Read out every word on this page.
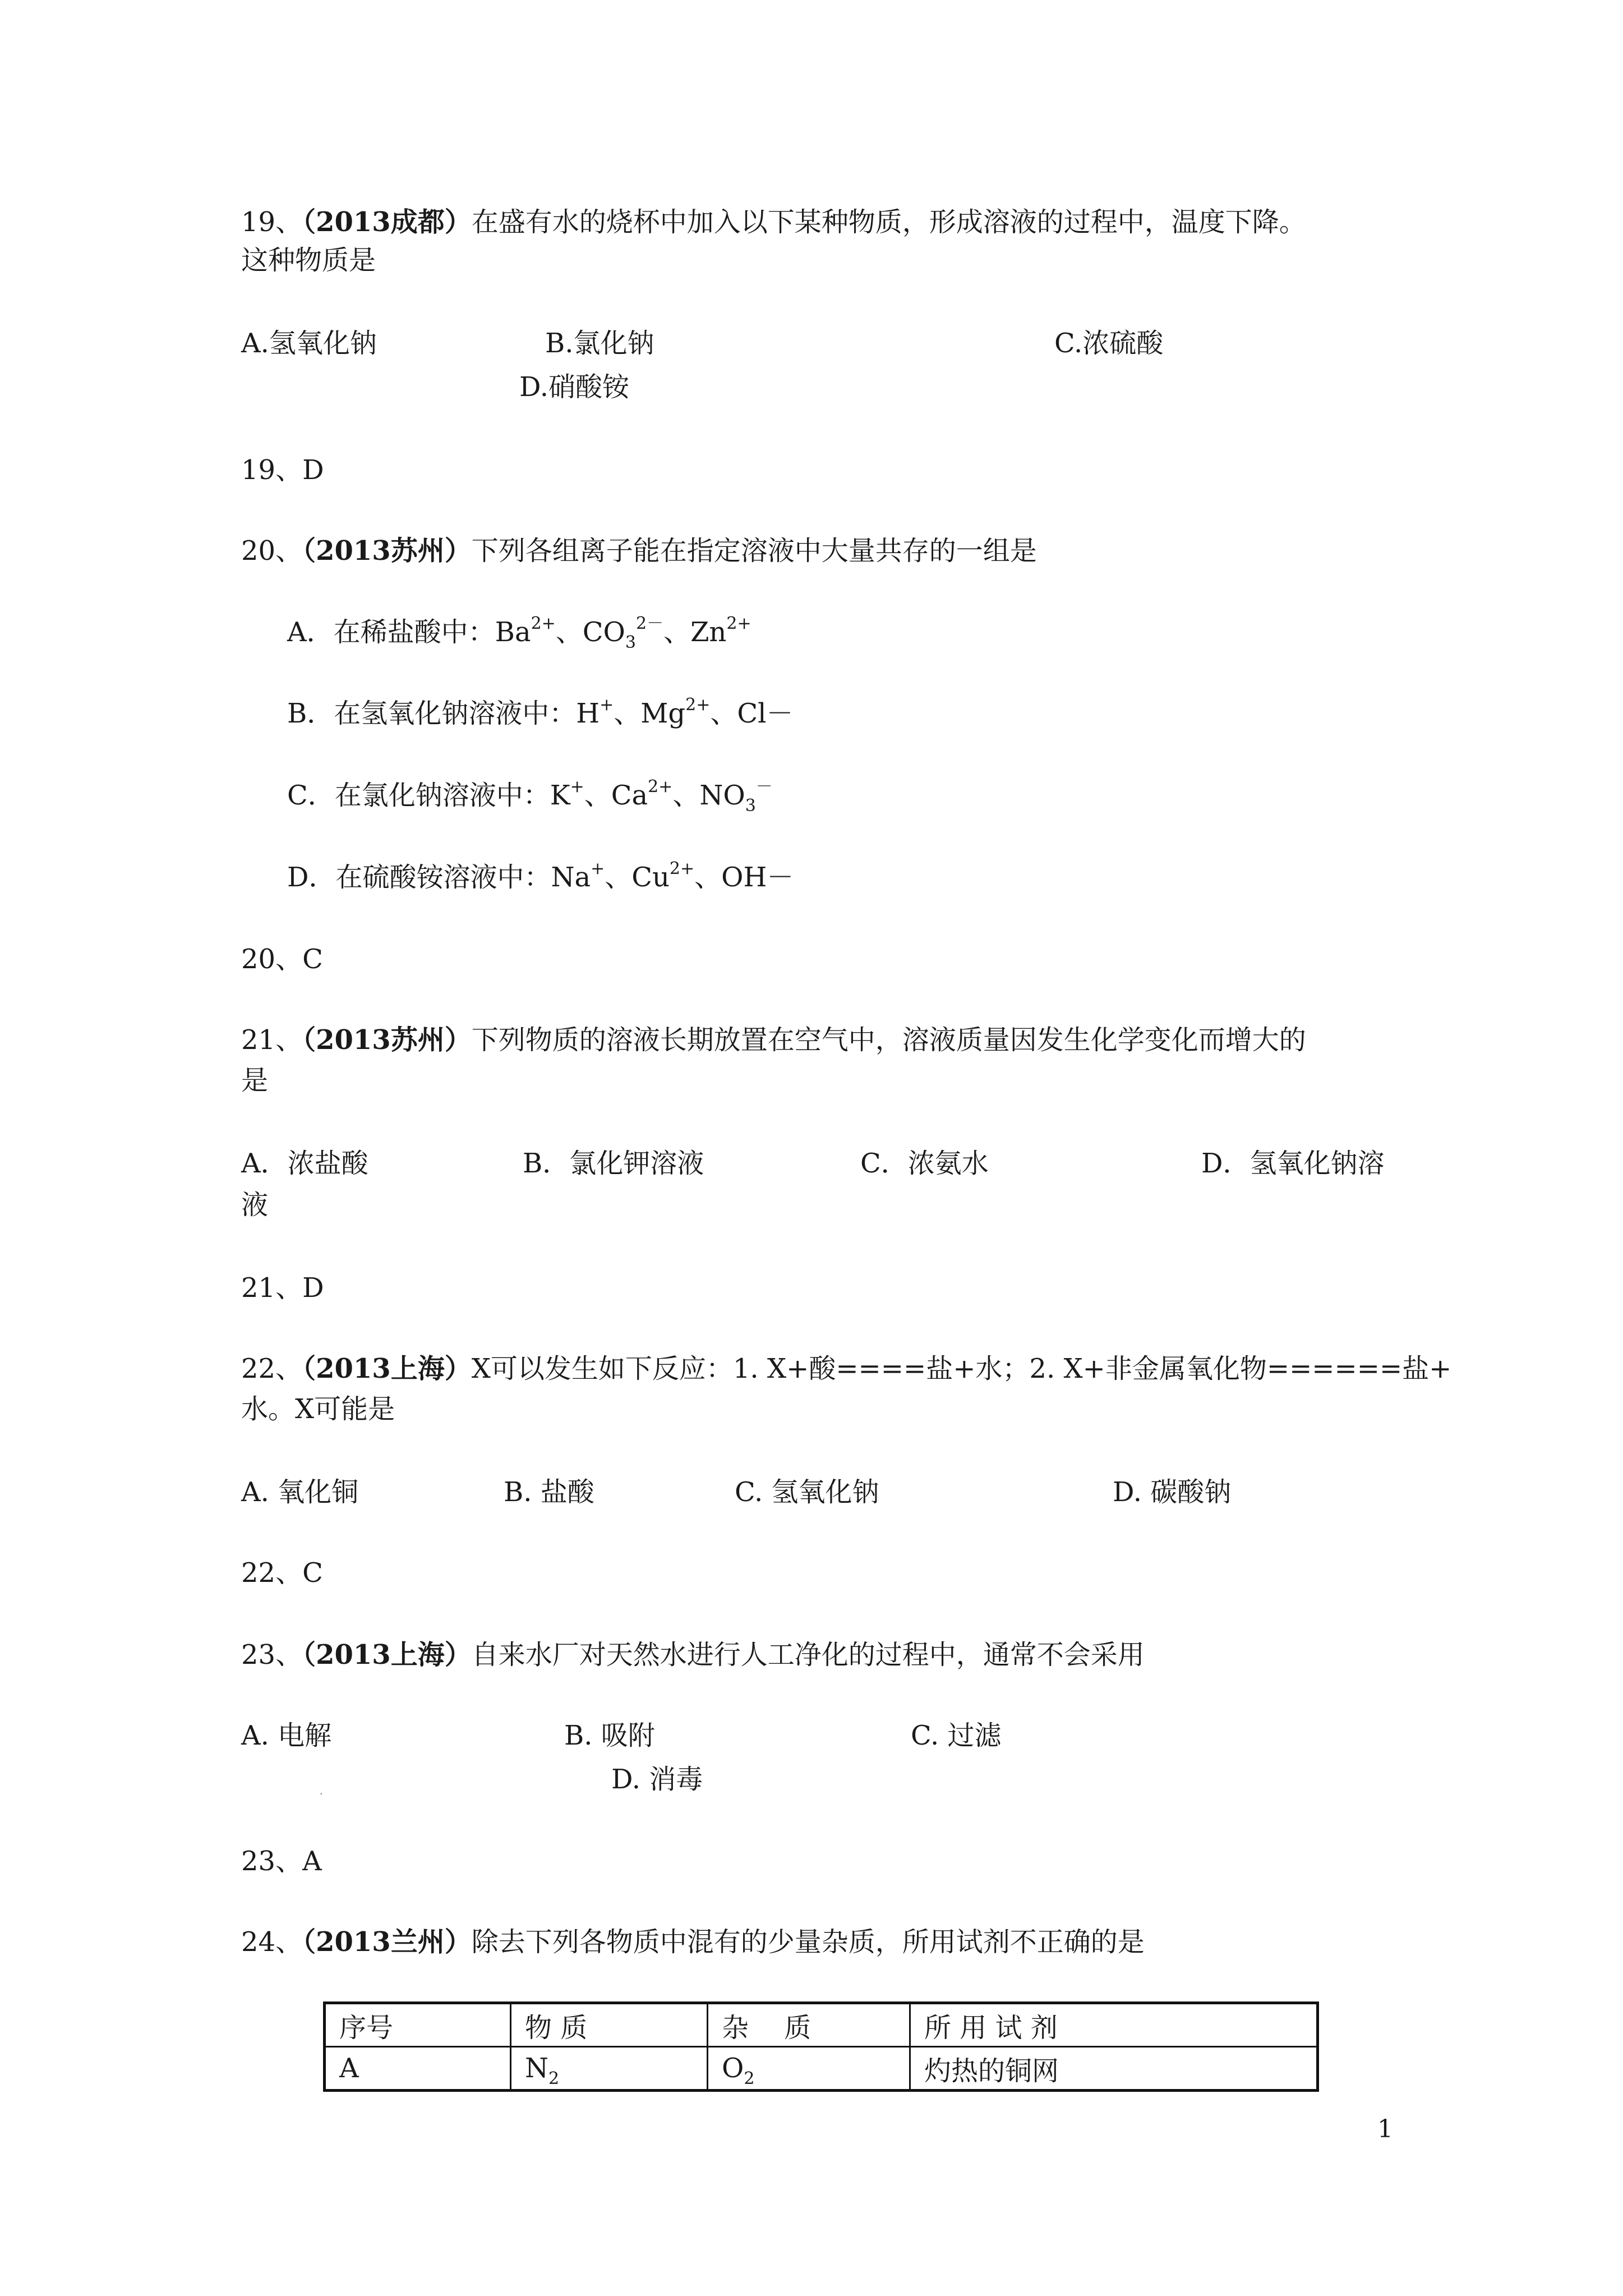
19、（2013成都）在盛有水的烧杯中加入以下某种物质，形成溶液的过程中，温度下降。
这种物质是
A.氢氧化钠	B.氯化钠	C.浓硫酸
D.硝酸铵
19、D
20、（2013苏州）下列各组离子能在指定溶液中大量共存的一组是
A．在稀盐酸中：$Ba^{2+}$、$CO_3^{2-}$、$Zn^{2+}$
B．在氢氧化钠溶液中：H+、$Mg^{2+}$、Cl－
C．在氯化钠溶液中：K+、$Ca^{2+}$、$NO_3^-$
D．在硫酸铵溶液中：Na+、$Cu^{2+}$、OH－
20、C
21、（2013苏州）下列物质的溶液长期放置在空气中，溶液质量因发生化学变化而增大的
是
A．浓盐酸	B．氯化钾溶液	C．浓氨水	D．氢氧化钠溶
液
21、D
22、（2013上海）X可以发生如下反应：1. X+酸====盐+水；2. X+非金属氧化物======盐+
水。X可能是
A. 氧化铜	B. 盐酸	C. 氢氧化钠	D. 碳酸钠
22、C
23、（2013上海）自来水厂对天然水进行人工净化的过程中，通常不会采用
A. 电解	B. 吸附	C. 过滤
D. 消毒
·
23、A
24、（2013兰州）除去下列各物质中混有的少量杂质，所用试剂不正确的是
序号	物 质	杂　 质	所 用 试 剂
A	$N_2$	$O_2$	灼热的铜网
1
